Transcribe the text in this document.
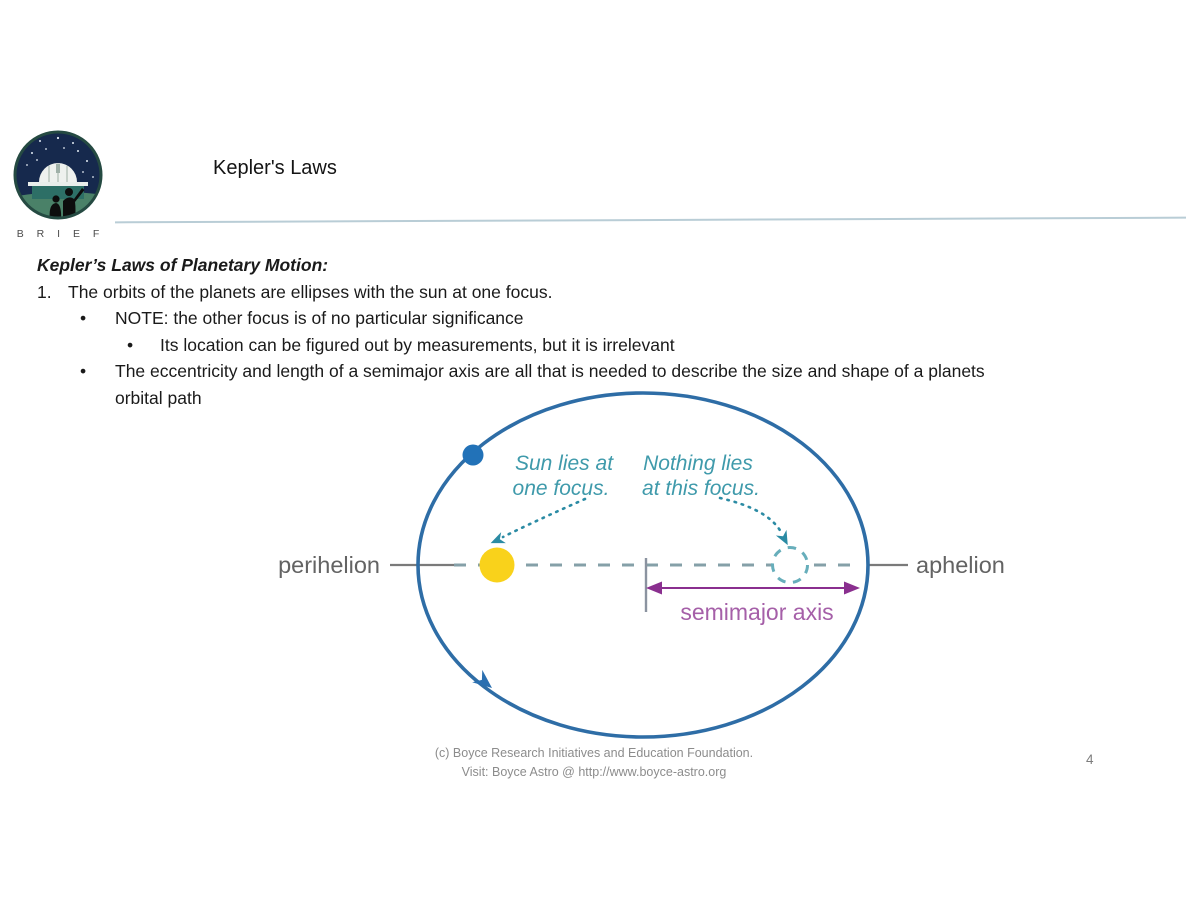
B R I E F
Kepler's Laws
Kepler’s Laws of Planetary Motion:
1. The orbits of the planets are ellipses with the sun at one focus.
•	NOTE: the other focus is of no particular significance
•	Its location can be figured out by measurements, but it is irrelevant
•	The eccentricity and length of a semimajor axis are all that is needed to describe the size and shape of a planets
orbital path
semimajor axis
Sun lies at
one focus.
Nothing lies
at this focus.
perihelion	aphelion
(c) Boyce Research Initiatives and Education Foundation.
Visit: Boyce Astro @ http://www.boyce-astro.org
4
